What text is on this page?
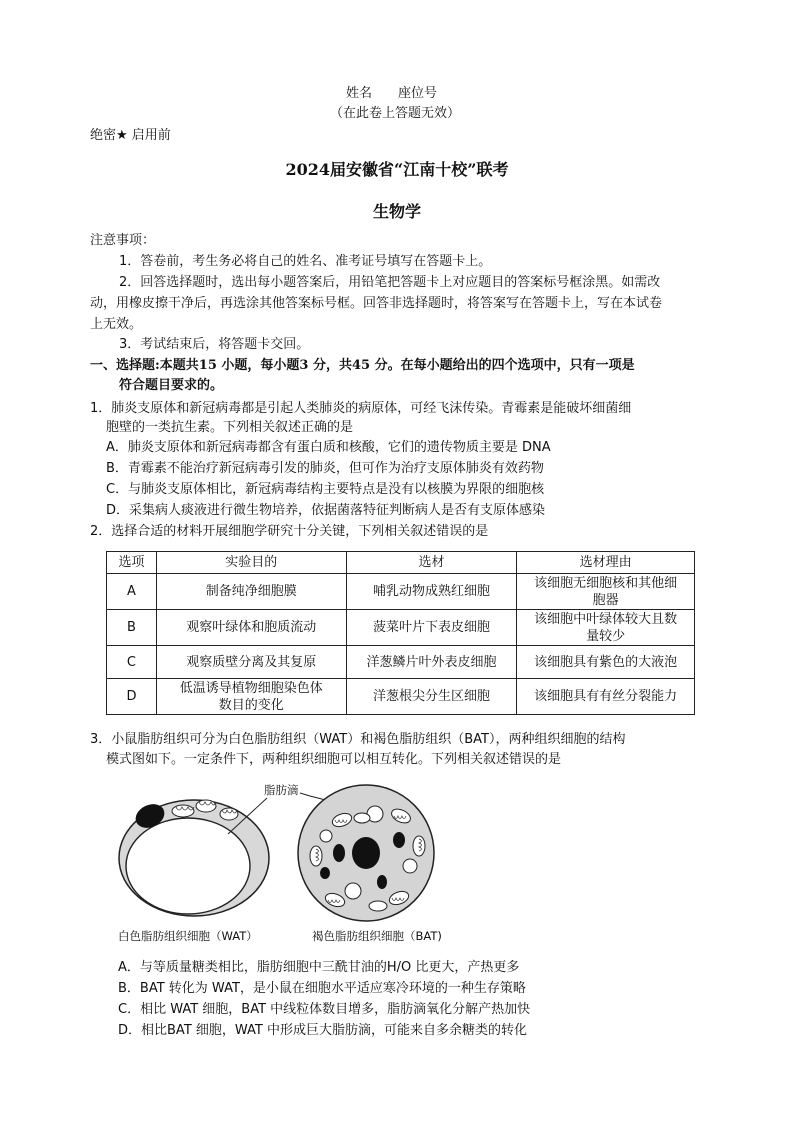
姓名　　座位号
（在此卷上答题无效）
绝密★ 启用前
2024届安徽省“江南十校”联考
生物学
注意事项：
1．答卷前，考生务必将自己的姓名、准考证号填写在答题卡上。
2．回答选择题时，选出每小题答案后，用铅笔把答题卡上对应题目的答案标号框涂黑。如需改
动，用橡皮擦干净后，再选涂其他答案标号框。回答非选择题时，将答案写在答题卡上，写在本试卷
上无效。
3．考试结束后，将答题卡交回。
一、选择题:本题共15 小题，每小题3 分，共45 分。在每小题给出的四个选项中，只有一项是
符合题目要求的。
1．肺炎支原体和新冠病毒都是引起人类肺炎的病原体，可经飞沫传染。青霉素是能破坏细菌细
胞壁的一类抗生素。下列相关叙述正确的是
A．肺炎支原体和新冠病毒都含有蛋白质和核酸，它们的遗传物质主要是 DNA
B．青霉素不能治疗新冠病毒引发的肺炎，但可作为治疗支原体肺炎有效药物
C．与肺炎支原体相比，新冠病毒结构主要特点是没有以核膜为界限的细胞核
D．采集病人痰液进行微生物培养，依据菌落特征判断病人是否有支原体感染
2．选择合适的材料开展细胞学研究十分关键，下列相关叙述错误的是
选项	实验目的	选材	选材理由
A	制备纯净细胞膜	哺乳动物成熟红细胞	该细胞无细胞核和其他细
胞器
B	观察叶绿体和胞质流动	菠菜叶片下表皮细胞	该细胞中叶绿体较大且数
量较少
C	观察质壁分离及其复原	洋葱鳞片叶外表皮细胞	该细胞具有紫色的大液泡
D	低温诱导植物细胞染色体
数目的变化	洋葱根尖分生区细胞	该细胞具有有丝分裂能力
3．小鼠脂肪组织可分为白色脂肪组织（WAT）和褐色脂肪组织（BAT），两种组织细胞的结构
模式图如下。一定条件下，两种组织细胞可以相互转化。下列相关叙述错误的是
脂肪滴
白色脂肪组织细胞（WAT）	褐色脂肪组织细胞（BAT)
A．与等质量糖类相比，脂肪细胞中三酰甘油的H/O 比更大，产热更多
B．BAT 转化为 WAT，是小鼠在细胞水平适应寒冷环境的一种生存策略
C．相比 WAT 细胞，BAT 中线粒体数目增多，脂肪滴氧化分解产热加快
D．相比BAT 细胞，WAT 中形成巨大脂肪滴，可能来自多余糖类的转化
